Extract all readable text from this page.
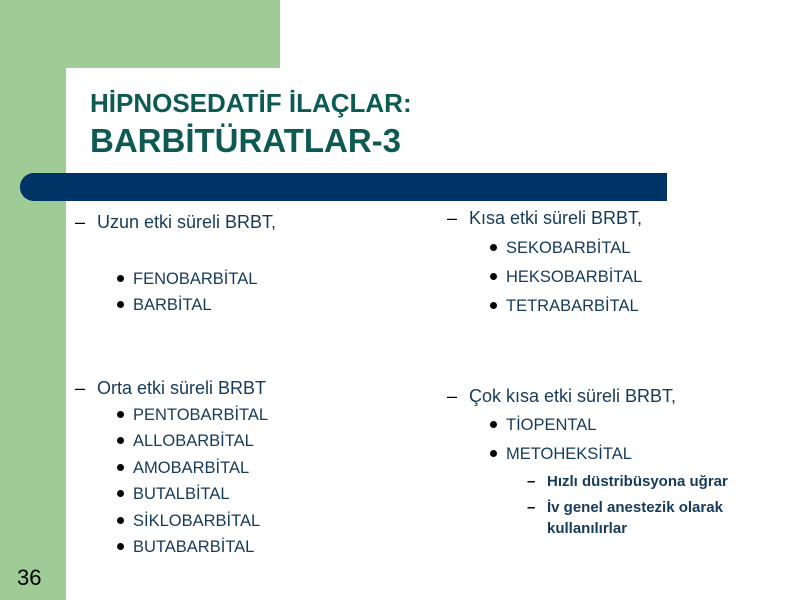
HİPNOSEDATİF İLAÇLAR:
BARBİTÜRATLAR-3
– Uzun etki süreli BRBT,
FENOBARBİTAL
BARBİTAL
– Orta etki süreli BRBT
PENTOBARBİTAL
ALLOBARBİTAL
AMOBARBİTAL
BUTALBİTAL
SİKLOBARBİTAL
BUTABARBİTAL
– Kısa etki süreli BRBT,
SEKOBARBİTAL
HEKSOBARBİTAL
TETRABARBİTAL
– Çok kısa etki süreli BRBT,
TİOPENTAL
METOHEKSİTAL
– Hızlı düstribüsyona uğrar
– İv genel anestezik olarak
kullanılırlar
36
